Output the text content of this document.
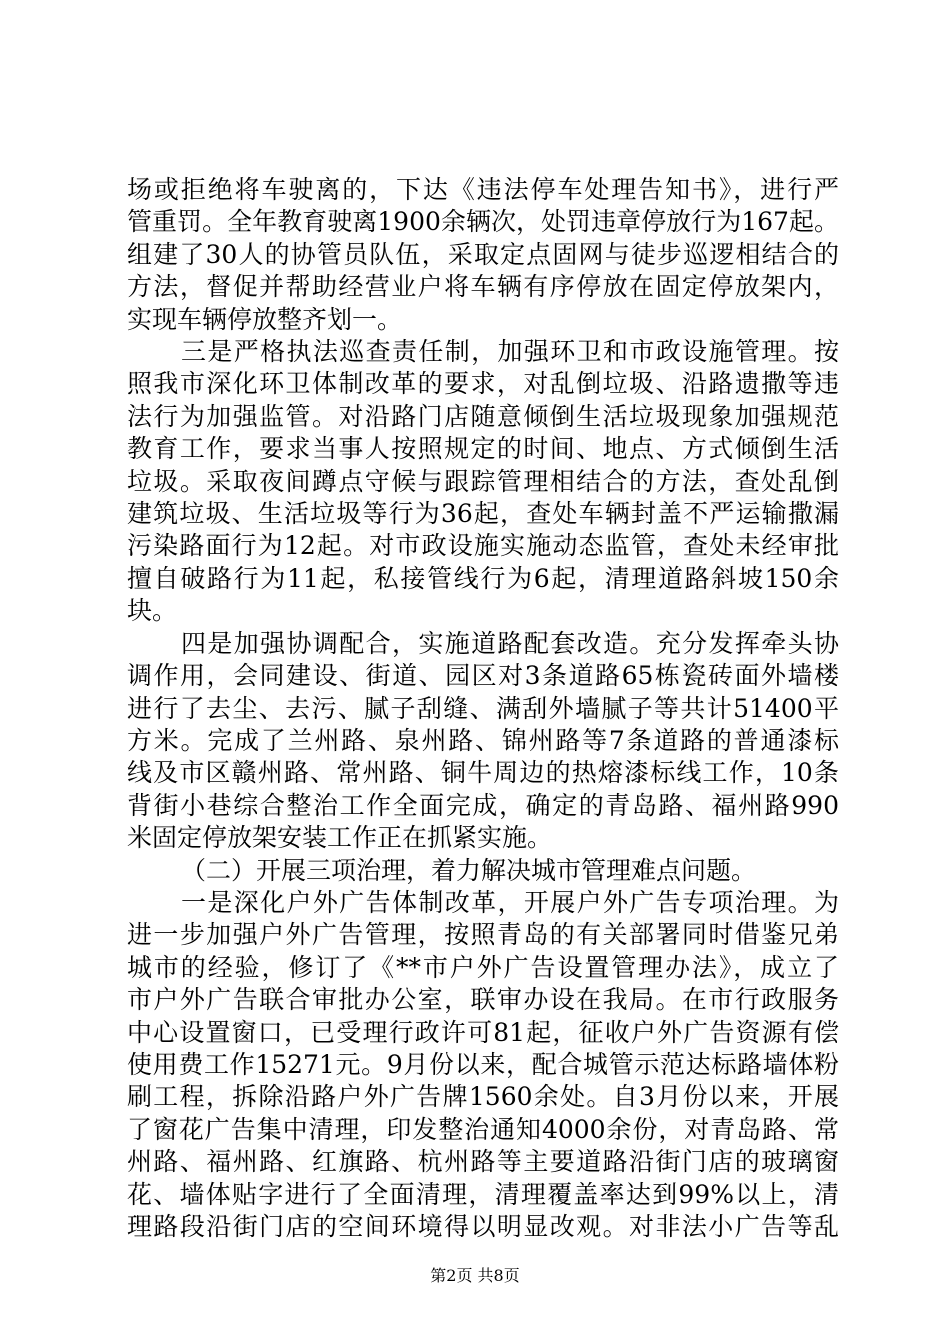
场或拒绝将车驶离的，下达《违法停车处理告知书》，进行严
管重罚。全年教育驶离1900余辆次，处罚违章停放行为167起。
组建了30人的协管员队伍，采取定点固网与徒步巡逻相结合的
方法，督促并帮助经营业户将车辆有序停放在固定停放架内，
实现车辆停放整齐划一。
三是严格执法巡查责任制，加强环卫和市政设施管理。按
照我市深化环卫体制改革的要求，对乱倒垃圾、沿路遗撒等违
法行为加强监管。对沿路门店随意倾倒生活垃圾现象加强规范
教育工作，要求当事人按照规定的时间、地点、方式倾倒生活
垃圾。采取夜间蹲点守候与跟踪管理相结合的方法，查处乱倒
建筑垃圾、生活垃圾等行为36起，查处车辆封盖不严运输撒漏
污染路面行为12起。对市政设施实施动态监管，查处未经审批
擅自破路行为11起，私接管线行为6起，清理道路斜坡150余
块。
四是加强协调配合，实施道路配套改造。充分发挥牵头协
调作用，会同建设、街道、园区对3条道路65栋瓷砖面外墙楼
进行了去尘、去污、腻子刮缝、满刮外墙腻子等共计51400平
方米。完成了兰州路、泉州路、锦州路等7条道路的普通漆标
线及市区赣州路、常州路、铜牛周边的热熔漆标线工作，10条
背街小巷综合整治工作全面完成，确定的青岛路、福州路990
米固定停放架安装工作正在抓紧实施。
（二）开展三项治理，着力解决城市管理难点问题。
一是深化户外广告体制改革，开展户外广告专项治理。为
进一步加强户外广告管理，按照青岛的有关部署同时借鉴兄弟
城市的经验，修订了《**市户外广告设置管理办法》，成立了
市户外广告联合审批办公室，联审办设在我局。在市行政服务
中心设置窗口，已受理行政许可81起，征收户外广告资源有偿
使用费工作15271元。9月份以来，配合城管示范达标路墙体粉
刷工程，拆除沿路户外广告牌1560余处。自3月份以来，开展
了窗花广告集中清理，印发整治通知4000余份，对青岛路、常
州路、福州路、红旗路、杭州路等主要道路沿街门店的玻璃窗
花、墙体贴字进行了全面清理，清理覆盖率达到99%以上，清
理路段沿街门店的空间环境得以明显改观。对非法小广告等乱
第2页 共8页
